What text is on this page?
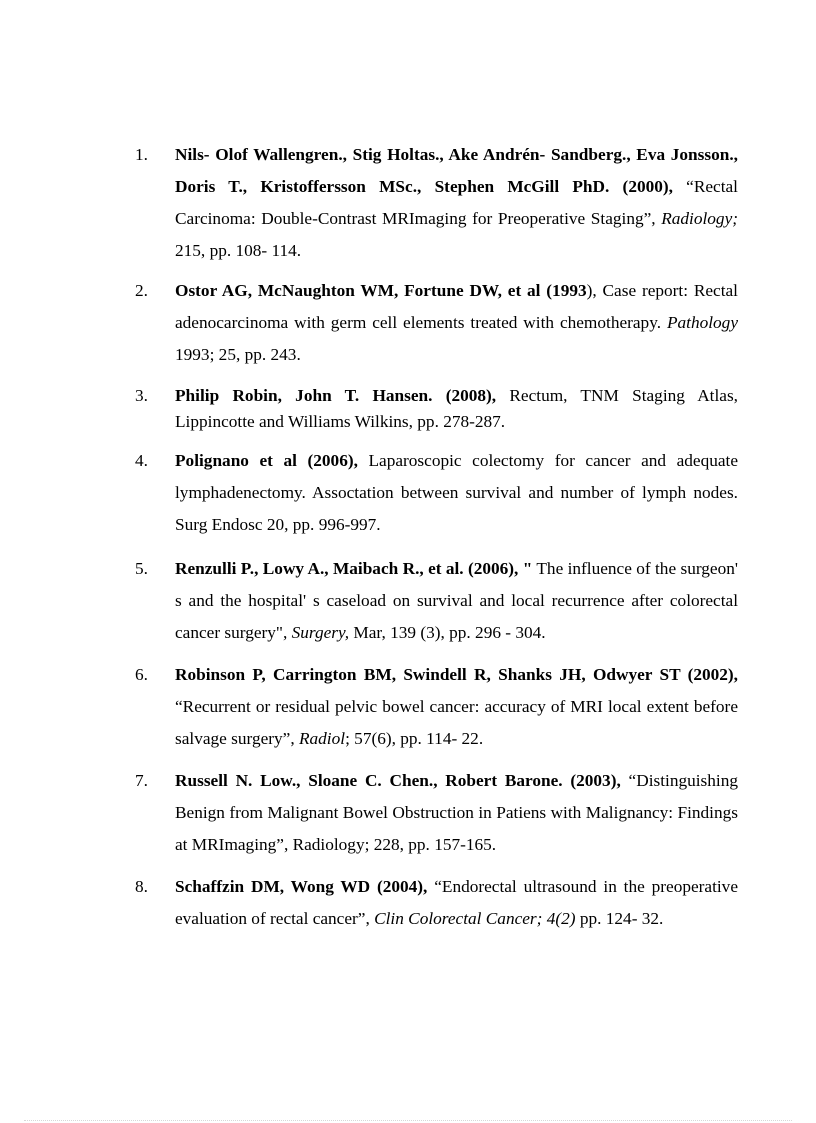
1.	Nils- Olof Wallengren., Stig Holtas., Ake Andrén- Sandberg., Eva Jonsson., Doris T., Kristoffersson MSc., Stephen McGill PhD. (2000), “Rectal Carcinoma: Double-Contrast MRImaging for Preoperative Staging”, Radiology; 215, pp. 108- 114.
2.	Ostor AG, McNaughton WM, Fortune DW, et al (1993), Case report: Rectal adenocarcinoma with germ cell elements treated with chemotherapy. Pathology 1993; 25, pp. 243.
3.	Philip Robin, John T. Hansen. (2008), Rectum, TNM Staging Atlas, Lippincotte and Williams Wilkins, pp. 278-287.
4.	Polignano et al (2006), Laparoscopic colectomy for cancer and adequate lymphadenectomy. Assoctation between survival and number of lymph nodes. Surg Endosc 20, pp. 996-997.
5.	Renzulli P., Lowy A., Maibach R., et al. (2006), " The influence of the surgeon' s and the hospital' s caseload on survival and local recurrence after colorectal cancer surgery", Surgery, Mar, 139 (3), pp. 296 - 304.
6.	Robinson P, Carrington BM, Swindell R, Shanks JH, Odwyer ST (2002), “Recurrent or residual pelvic bowel cancer: accuracy of MRI local extent before salvage surgery”, Radiol; 57(6), pp. 114- 22.
7.	Russell N. Low., Sloane C. Chen., Robert Barone. (2003), “Distinguishing Benign from Malignant Bowel Obstruction in Patiens with Malignancy: Findings at MRImaging”, Radiology; 228, pp. 157-165.
8.	Schaffzin DM, Wong WD (2004), “Endorectal ultrasound in the preoperative evaluation of rectal cancer”, Clin Colorectal Cancer; 4(2) pp. 124- 32.
